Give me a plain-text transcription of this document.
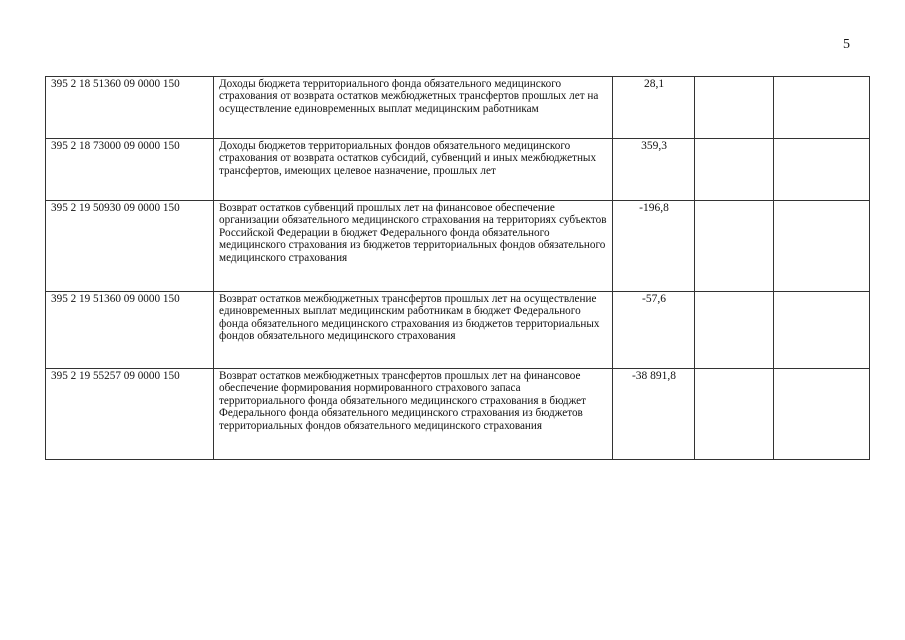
5
395 2 18 51360 09 0000 150	Доходы бюджета территориального фонда обязательного медицинского страхования от возврата остатков межбюджетных трансфертов прошлых лет на осуществление единовременных выплат медицинским работникам	28,1		
395 2 18 73000 09 0000 150	Доходы бюджетов территориальных фондов обязательного медицинского страхования от возврата остатков субсидий, субвенций и иных межбюджетных трансфертов, имеющих целевое назначение, прошлых лет	359,3		
395 2 19 50930 09 0000 150	Возврат остатков субвенций прошлых лет на финансовое обеспечение организации обязательного медицинского страхования на территориях субъектов Российской Федерации в бюджет Федерального фонда обязательного медицинского страхования из бюджетов территориальных фондов обязательного медицинского страхования	-196,8		
395 2 19 51360 09 0000 150	Возврат остатков межбюджетных трансфертов прошлых лет на осуществление единовременных выплат медицинским работникам в бюджет Федерального фонда обязательного медицинского страхования из бюджетов территориальных фондов обязательного медицинского страхования	-57,6		
395 2 19 55257 09 0000 150	Возврат остатков межбюджетных трансфертов прошлых лет на финансовое обеспечение формирования нормированного страхового запаса территориального фонда обязательного медицинского страхования в бюджет Федерального фонда обязательного медицинского страхования из бюджетов территориальных фондов обязательного медицинского страхования	-38 891,8		
